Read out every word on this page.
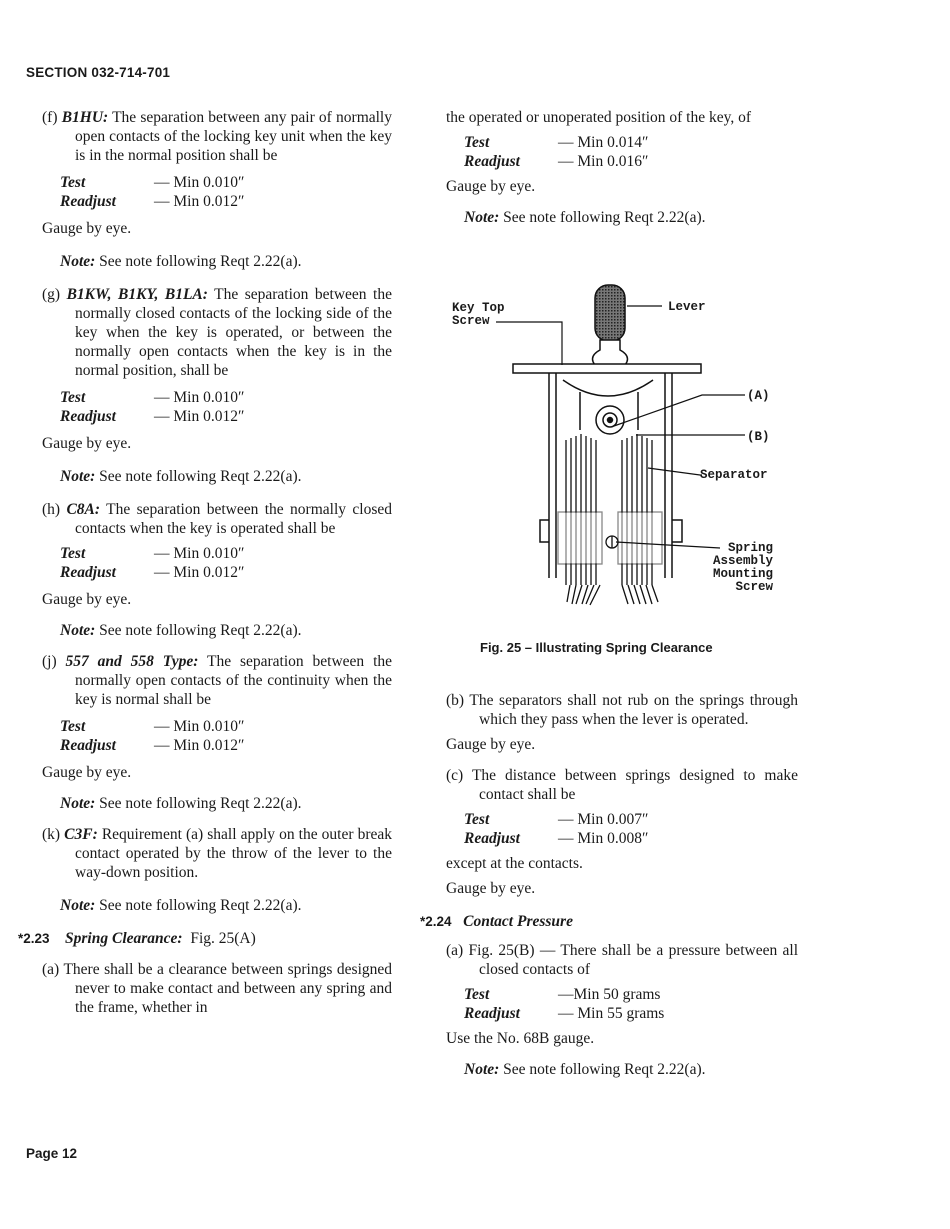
SECTION 032-714-701

(f) B1HU: The separation between any pair of normally open contacts of the locking key unit when the key is in the normal position shall be

Test	— Min 0.010″
Readjust	— Min 0.012″

Gauge by eye.

Note: See note following Reqt 2.22(a).

(g) B1KW, B1KY, B1LA: The separation between the normally closed contacts of the locking side of the key when the key is operated, or between the normally open contacts when the key is in the normal position, shall be

Test	— Min 0.010″
Readjust	— Min 0.012″

Gauge by eye.

Note: See note following Reqt 2.22(a).

(h) C8A: The separation between the normally closed contacts when the key is operated shall be

Test	— Min 0.010″
Readjust	— Min 0.012″

Gauge by eye.

Note: See note following Reqt 2.22(a).

(j) 557 and 558 Type: The separation between the normally open contacts of the continuity when the key is normal shall be

Test	— Min 0.010″
Readjust	— Min 0.012″

Gauge by eye.

Note: See note following Reqt 2.22(a).

(k) C3F: Requirement (a) shall apply on the outer break contact operated by the throw of the lever to the way-down position.

Note: See note following Reqt 2.22(a).

*2.23 Spring Clearance: Fig. 25(A)

(a) There shall be a clearance between springs designed never to make contact and between any spring and the frame, whether in

the operated or unoperated position of the key, of

Test	— Min 0.014″
Readjust	— Min 0.016″

Gauge by eye.

Note: See note following Reqt 2.22(a).

Key Top Screw
Lever
(A)
(B)
Separator
Spring Assembly Mounting Screw
Fig. 25 – Illustrating Spring Clearance

(b) The separators shall not rub on the springs through which they pass when the lever is operated.

Gauge by eye.

(c) The distance between springs designed to make contact shall be

Test	— Min 0.007″
Readjust	— Min 0.008″

except at the contacts.

Gauge by eye.

*2.24 Contact Pressure

(a) Fig. 25(B) — There shall be a pressure between all closed contacts of

Test	—Min 50 grams
Readjust	— Min 55 grams

Use the No. 68B gauge.

Note: See note following Reqt 2.22(a).

Page 12
